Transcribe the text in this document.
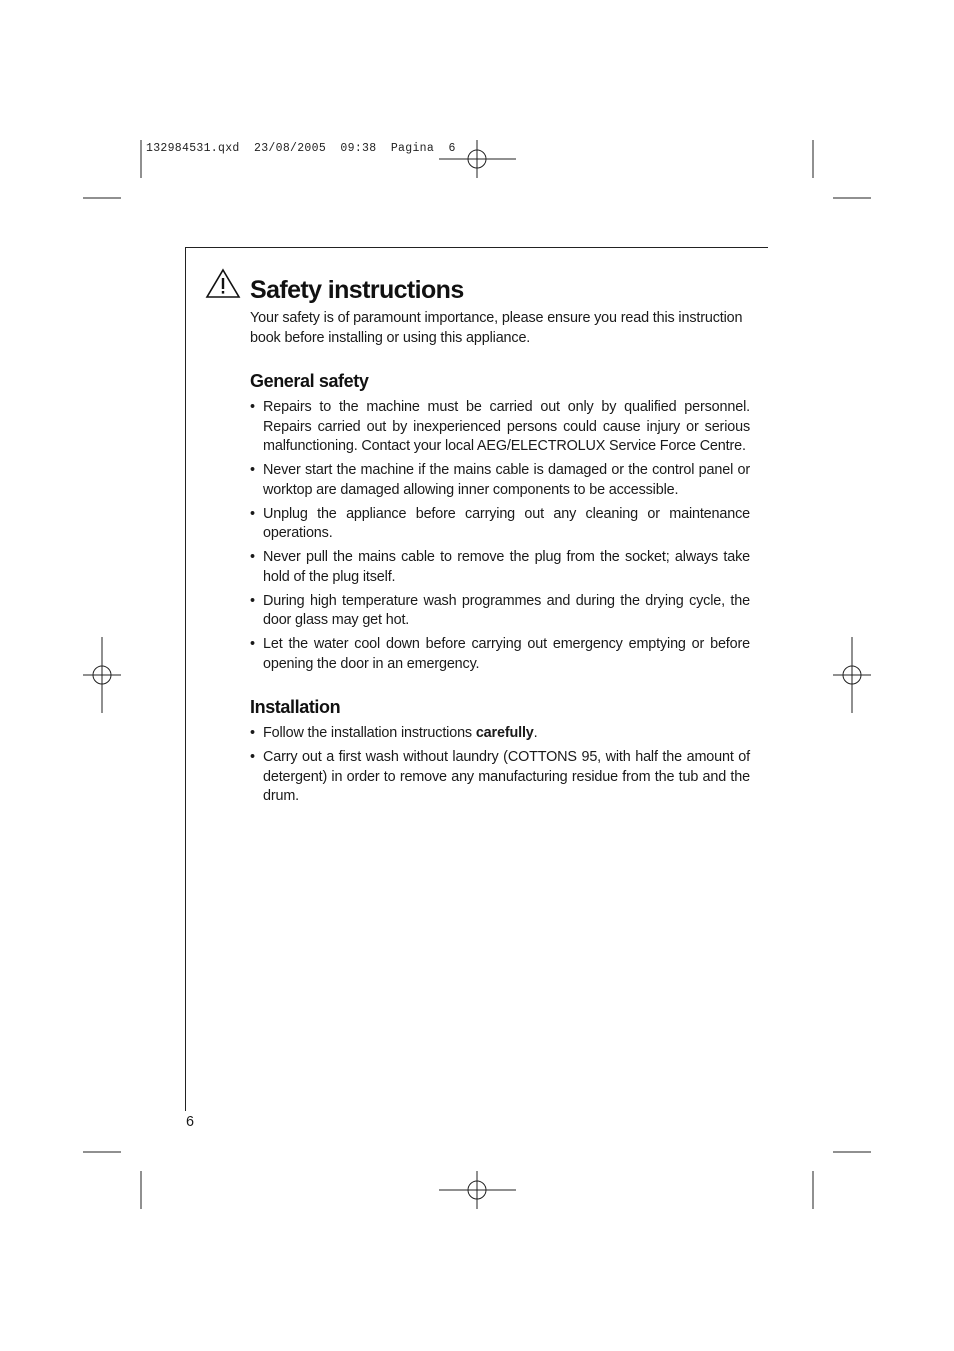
132984531.qxd  23/08/2005  09:38  Pagina  6
Safety instructions

Your safety is of paramount importance, please ensure you read this instruction book before installing or using this appliance.

General safety
• Repairs to the machine must be carried out only by qualified personnel. Repairs carried out by inexperienced persons could cause injury or serious malfunctioning. Contact your local AEG/ELECTROLUX Service Force Centre.
• Never start the machine if the mains cable is damaged or the control panel or worktop are damaged allowing inner components to be accessible.
• Unplug the appliance before carrying out any cleaning or maintenance operations.
• Never pull the mains cable to remove the plug from the socket; always take hold of the plug itself.
• During high temperature wash programmes and during the drying cycle, the door glass may get hot.
• Let the water cool down before carrying out emergency emptying or before opening the door in an emergency.
Installation
• Follow the installation instructions carefully.
• Carry out a first wash without laundry (COTTONS 95, with half the amount of detergent) in order to remove any manufacturing residue from the tub and the drum.
6
